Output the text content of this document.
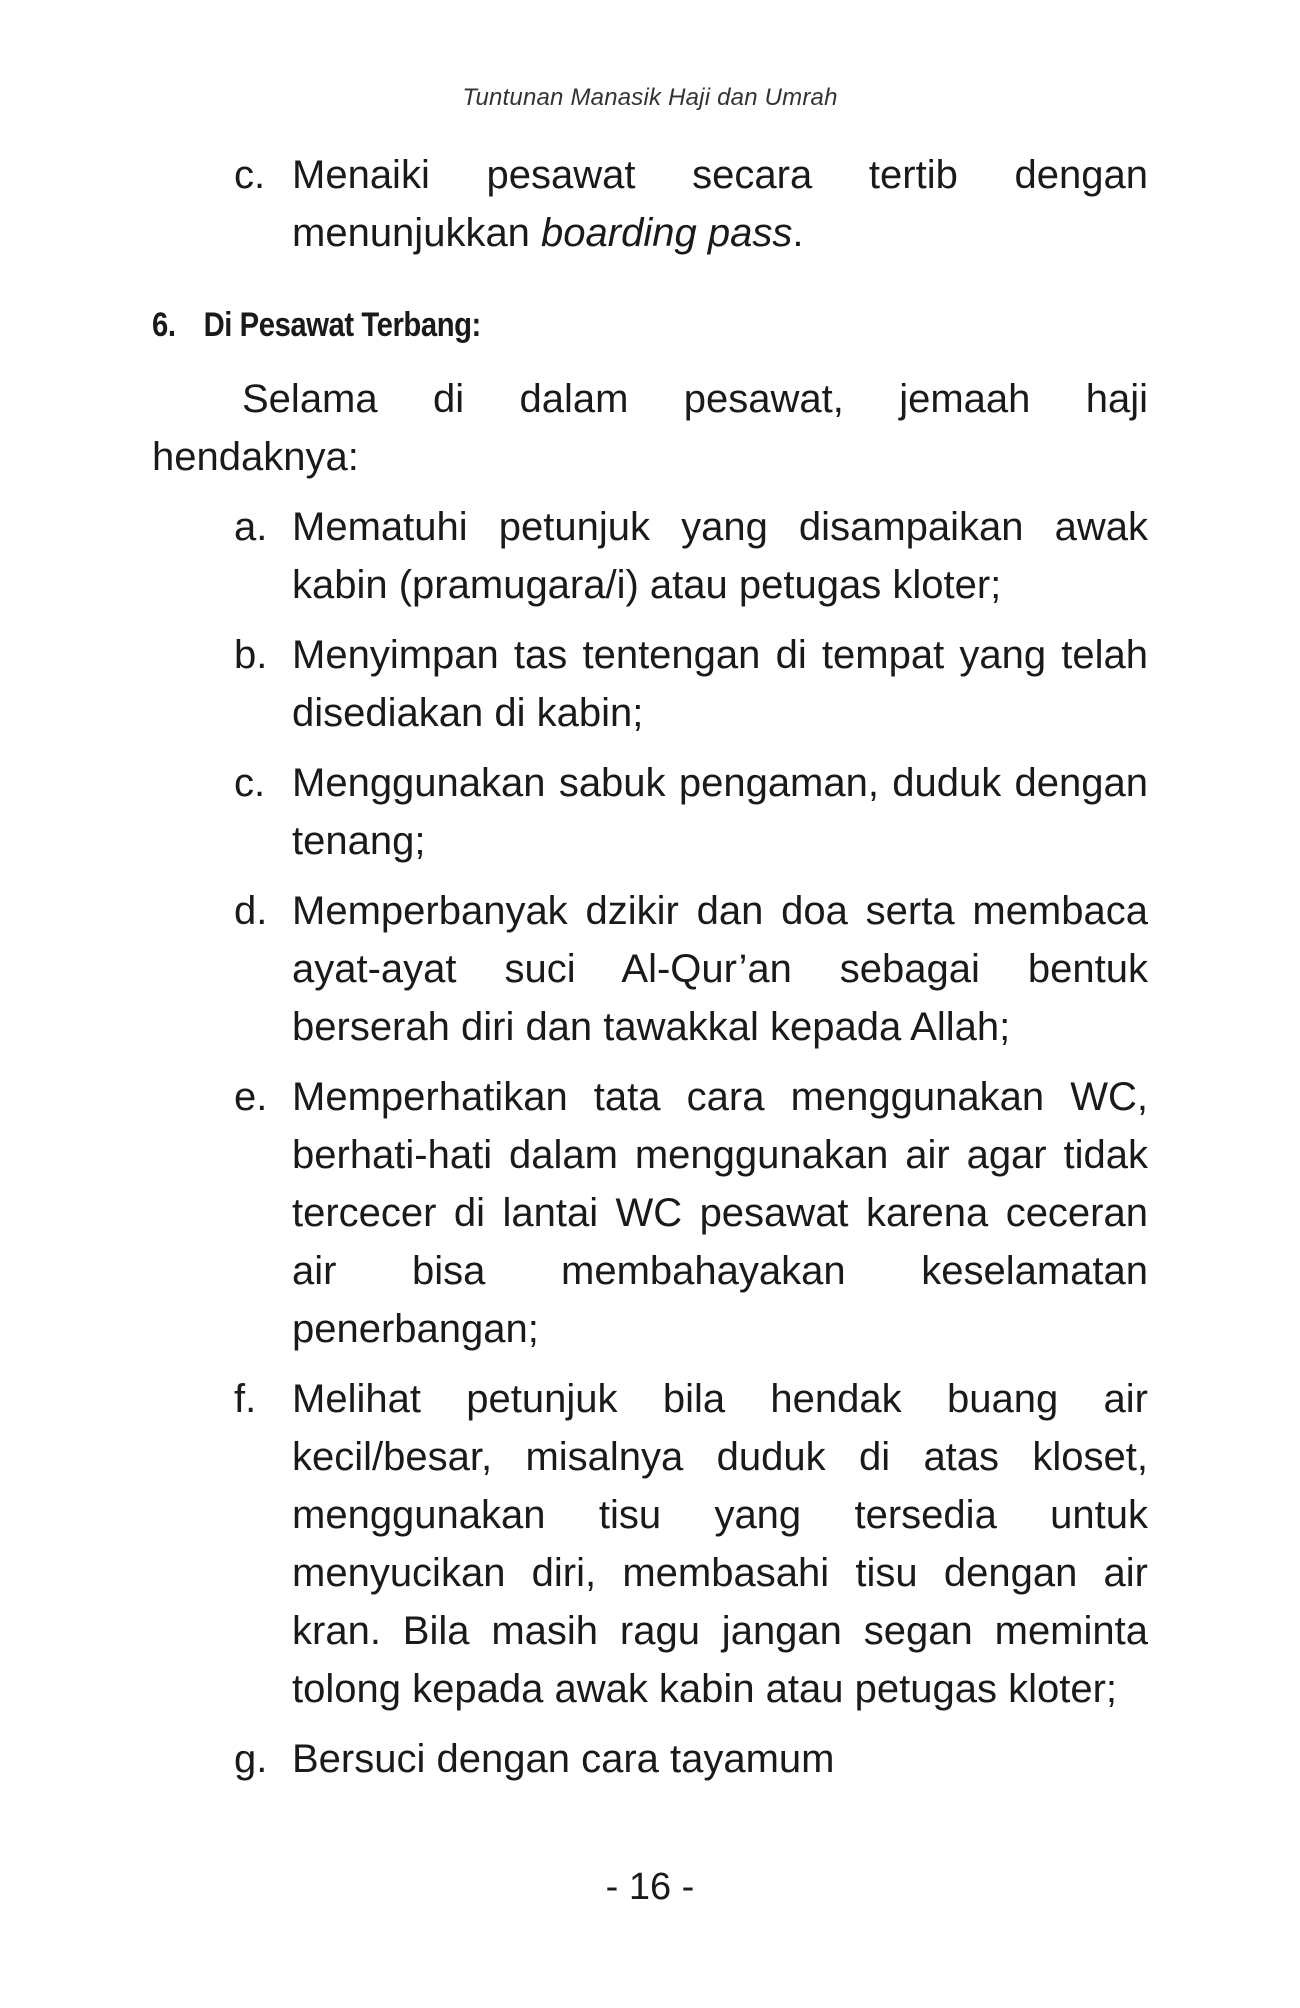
Tuntunan Manasik Haji dan Umrah
c. Menaiki pesawat secara tertib dengan
menunjukkan boarding pass.
6. Di Pesawat Terbang:
Selama di dalam pesawat, jemaah haji
hendaknya:
a. Mematuhi petunjuk yang disampaikan awak kabin (pramugara/i) atau petugas kloter;
b. Menyimpan tas tentengan di tempat yang telah disediakan di kabin;
c. Menggunakan sabuk pengaman, duduk dengan tenang;
d. Memperbanyak dzikir dan doa serta membaca ayat-ayat suci Al-Qur’an sebagai bentuk berserah diri dan tawakkal kepada Allah;
e. Memperhatikan tata cara menggunakan WC, berhati-hati dalam menggunakan air agar tidak tercecer di lantai WC pesawat karena ceceran air bisa membahayakan keselamatan penerbangan;
f. Melihat petunjuk bila hendak buang air kecil/besar, misalnya duduk di atas kloset, menggunakan tisu yang tersedia untuk menyucikan diri, membasahi tisu dengan air kran. Bila masih ragu jangan segan meminta tolong kepada awak kabin atau petugas kloter;
g. Bersuci dengan cara tayamum
- 16 -
